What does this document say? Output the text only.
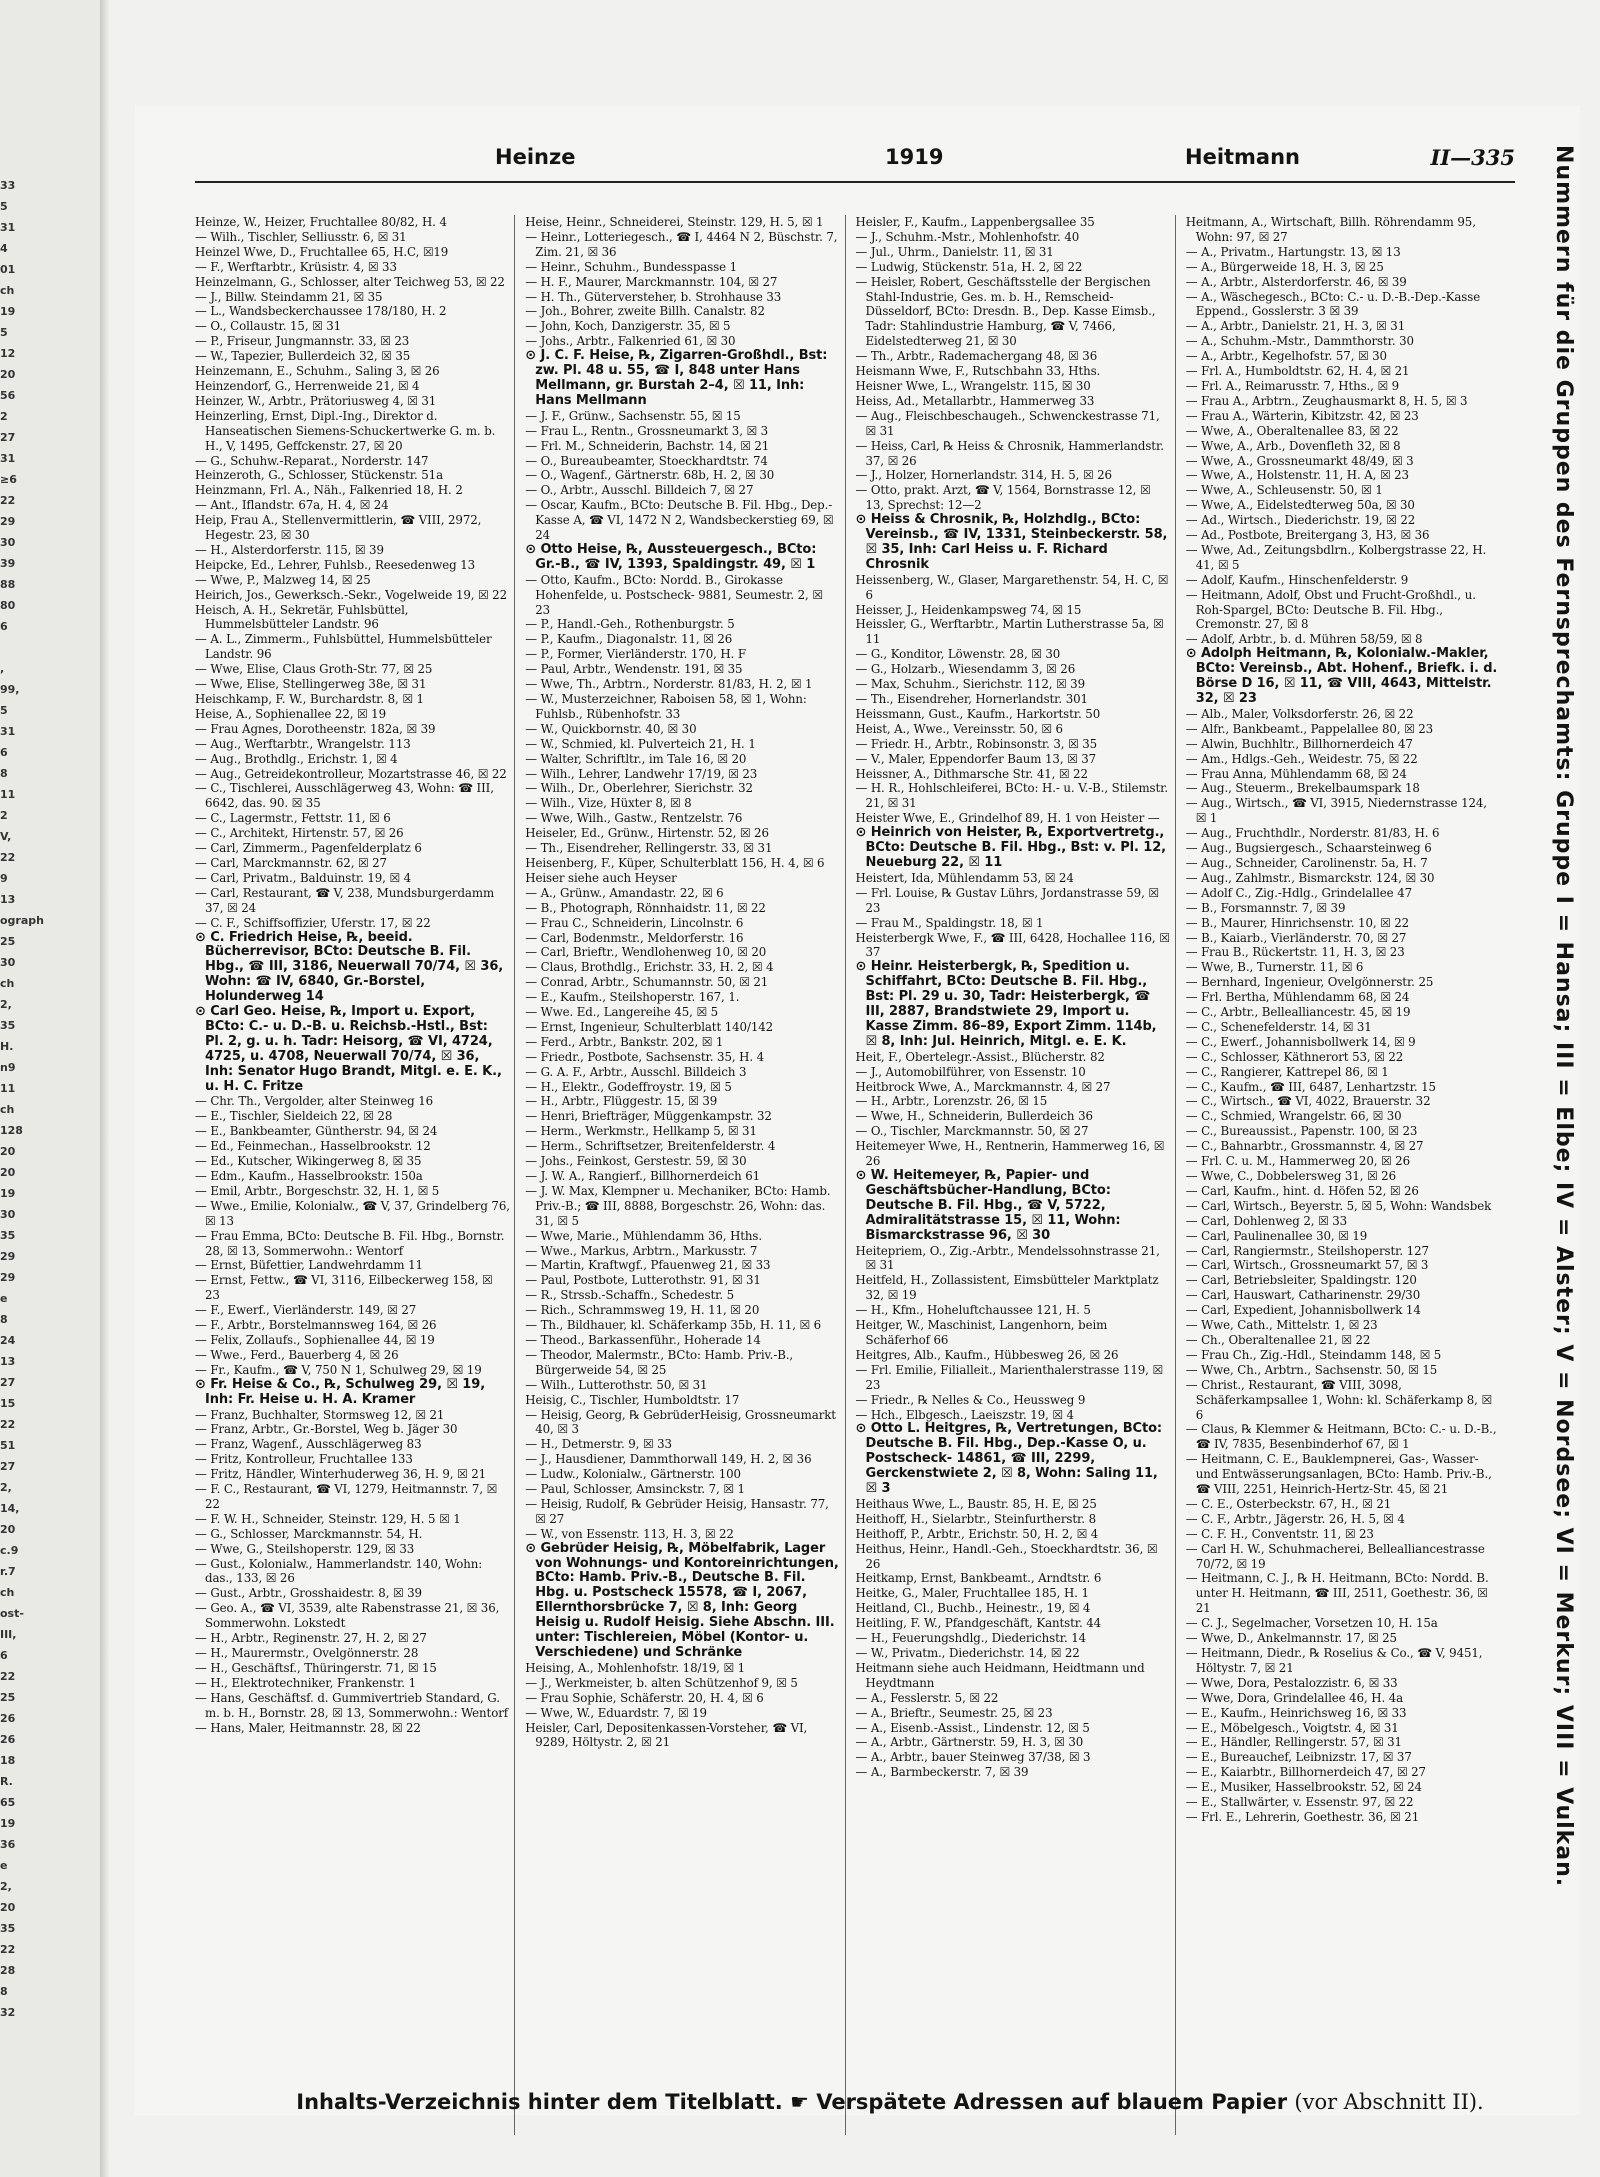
33
5
31
4
01
ch
19
5
12
20
56
2
27
31
≥6
22
29
30
39
88
80
6
,
99,
5
31
6
8
11
2
V,
22
9
13
ograph
25
30
ch
2,
35
H.
n9
11
ch
128
20
20
19
30
35
29
29
e
8
24
13
27
15
22
51
27
2,
14,
20
c.9
r.7
ch
ost-
III,
6
22
25
26
26
18
R.
65
19
36
e
2,
20
35
22
28
8
32
Heinze	1919	Heitmann	II—335

Heinze, W., Heizer, Fruchtallee 80/82, H. 4

— Wilh., Tischler, Selliusstr. 6, ☒ 31

Heinzel Wwe, D., Fruchtallee 65, H.C, ☒19

— F., Werftarbtr., Krüsistr. 4, ☒ 33

Heinzelmann, G., Schlosser, alter Teichweg 53, ☒ 22

— J., Billw. Steindamm 21, ☒ 35

— L., Wandsbeckerchaussee 178/180, H. 2

— O., Collaustr. 15, ☒ 31

— P., Friseur, Jungmannstr. 33, ☒ 23

— W., Tapezier, Bullerdeich 32, ☒ 35

Heinzemann, E., Schuhm., Saling 3, ☒ 26

Heinzendorf, G., Herrenweide 21, ☒ 4

Heinzer, W., Arbtr., Prätoriusweg 4, ☒ 31

Heinzerling, Ernst, Dipl.-Ing., Direktor d. Hanseatischen Siemens-Schuckertwerke G. m. b. H., V, 1495, Geffckenstr. 27, ☒ 20

— G., Schuhw.-Reparat., Norderstr. 147

Heinzeroth, G., Schlosser, Stückenstr. 51a

Heinzmann, Frl. A., Näh., Falkenried 18, H. 2

— Ant., Iflandstr. 67a, H. 4, ☒ 24

Heip, Frau A., Stellenvermittlerin, ☎ VIII, 2972, Hegestr. 23, ☒ 30

— H., Alsterdorferstr. 115, ☒ 39

Heipcke, Ed., Lehrer, Fuhlsb., Reesedenweg 13

— Wwe, P., Malzweg 14, ☒ 25

Heirich, Jos., Gewerksch.-Sekr., Vogelweide 19, ☒ 22

Heisch, A. H., Sekretär, Fuhlsbüttel, Hummelsbütteler Landstr. 96

— A. L., Zimmerm., Fuhlsbüttel, Hummelsbütteler Landstr. 96

— Wwe, Elise, Claus Groth-Str. 77, ☒ 25

— Wwe, Elise, Stellingerweg 38e, ☒ 31

Heischkamp, F. W., Burchardstr. 8, ☒ 1

Heise, A., Sophienallee 22, ☒ 19

— Frau Agnes, Dorotheenstr. 182a, ☒ 39

— Aug., Werftarbtr., Wrangelstr. 113

— Aug., Brothdlg., Erichstr. 1, ☒ 4

— Aug., Getreidekontrolleur, Mozartstrasse 46, ☒ 22

— C., Tischlerei, Ausschlägerweg 43, Wohn: ☎ III, 6642, das. 90. ☒ 35

— C., Lagermstr., Fettstr. 11, ☒ 6

— C., Architekt, Hirtenstr. 57, ☒ 26

— Carl, Zimmerm., Pagenfelderplatz 6

— Carl, Marckmannstr. 62, ☒ 27

— Carl, Privatm., Balduinstr. 19, ☒ 4

— Carl, Restaurant, ☎ V, 238, Mundsburgerdamm 37, ☒ 24

— C. F., Schiffsoffizier, Uferstr. 17, ☒ 22

⊙ C. Friedrich Heise, ℞, beeid. Bücherrevisor, BCto: Deutsche B. Fil. Hbg., ☎ III, 3186, Neuerwall 70/74, ☒ 36, Wohn: ☎ IV, 6840, Gr.-Borstel, Holunderweg 14

⊙ Carl Geo. Heise, ℞, Import u. Export, BCto: C.- u. D.-B. u. Reichsb.-Hstl., Bst: Pl. 2, g. u. h. Tadr: Heisorg, ☎ VI, 4724, 4725, u. 4708, Neuerwall 70/74, ☒ 36, Inh: Senator Hugo Brandt, Mitgl. e. E. K., u. H. C. Fritze

— Chr. Th., Vergolder, alter Steinweg 16

— E., Tischler, Sieldeich 22, ☒ 28

— E., Bankbeamter, Güntherstr. 94, ☒ 24

— Ed., Feinmechan., Hasselbrookstr. 12

— Ed., Kutscher, Wikingerweg 8, ☒ 35

— Edm., Kaufm., Hasselbrookstr. 150a

— Emil, Arbtr., Borgeschstr. 32, H. 1, ☒ 5

— Wwe., Emilie, Kolonialw., ☎ V, 37, Grindelberg 76, ☒ 13

— Frau Emma, BCto: Deutsche B. Fil. Hbg., Bornstr. 28, ☒ 13, Sommerwohn.: Wentorf

— Ernst, Büfettier, Landwehrdamm 11

— Ernst, Fettw., ☎ VI, 3116, Eilbeckerweg 158, ☒ 23

— F., Ewerf., Vierländerstr. 149, ☒ 27

— F., Arbtr., Borstelmannsweg 164, ☒ 26

— Felix, Zollaufs., Sophienallee 44, ☒ 19

— Wwe., Ferd., Bauerberg 4, ☒ 26

— Fr., Kaufm., ☎ V, 750 N 1, Schulweg 29, ☒ 19

⊙ Fr. Heise & Co., ℞, Schulweg 29, ☒ 19, Inh: Fr. Heise u. H. A. Kramer

— Franz, Buchhalter, Stormsweg 12, ☒ 21

— Franz, Arbtr., Gr.-Borstel, Weg b. Jäger 30

— Franz, Wagenf., Ausschlägerweg 83

— Fritz, Kontrolleur, Fruchtallee 133

— Fritz, Händler, Winterhuderweg 36, H. 9, ☒ 21

— F. C., Restaurant, ☎ VI, 1279, Heitmannstr. 7, ☒ 22

— F. W. H., Schneider, Steinstr. 129, H. 5 ☒ 1

— G., Schlosser, Marckmannstr. 54, H.

— Wwe, G., Steilshoperstr. 129, ☒ 33

— Gust., Kolonialw., Hammerlandstr. 140, Wohn: das., 133, ☒ 26

— Gust., Arbtr., Grosshaidestr. 8, ☒ 39

— Geo. A., ☎ VI, 3539, alte Rabenstrasse 21, ☒ 36, Sommerwohn. Lokstedt

— H., Arbtr., Reginenstr. 27, H. 2, ☒ 27

— H., Maurermstr., Ovelgönnerstr. 28

— H., Geschäftsf., Thüringerstr. 71, ☒ 15

— H., Elektrotechniker, Frankenstr. 1

— Hans, Geschäftsf. d. Gummivertrieb Standard, G. m. b. H., Bornstr. 28, ☒ 13, Sommerwohn.: Wentorf

— Hans, Maler, Heitmannstr. 28, ☒ 22

Heise, Heinr., Schneiderei, Steinstr. 129, H. 5, ☒ 1

— Heinr., Lotteriegesch., ☎ I, 4464 N 2, Büschstr. 7, Zim. 21, ☒ 36

— Heinr., Schuhm., Bundesspasse 1

— H. F., Maurer, Marckmannstr. 104, ☒ 27

— H. Th., Güterversteher, b. Strohhause 33

— Joh., Bohrer, zweite Billh. Canalstr. 82

— John, Koch, Danzigerstr. 35, ☒ 5

— Johs., Arbtr., Falkenried 61, ☒ 30

⊙ J. C. F. Heise, ℞, Zigarren-Großhdl., Bst: zw. Pl. 48 u. 55, ☎ I, 848 unter Hans Mellmann, gr. Burstah 2–4, ☒ 11, Inh: Hans Mellmann

— J. F., Grünw., Sachsenstr. 55, ☒ 15

— Frau L., Rentn., Grossneumarkt 3, ☒ 3

— Frl. M., Schneiderin, Bachstr. 14, ☒ 21

— O., Bureaubeamter, Stoeckhardtstr. 74

— O., Wagenf., Gärtnerstr. 68b, H. 2, ☒ 30

— O., Arbtr., Ausschl. Billdeich 7, ☒ 27

— Oscar, Kaufm., BCto: Deutsche B. Fil. Hbg., Dep.-Kasse A, ☎ VI, 1472 N 2, Wandsbeckerstieg 69, ☒ 24

⊙ Otto Heise, ℞, Aussteuergesch., BCto: Gr.-B., ☎ IV, 1393, Spaldingstr. 49, ☒ 1

— Otto, Kaufm., BCto: Nordd. B., Girokasse Hohenfelde, u. Postscheck- 9881, Seumestr. 2, ☒ 23

— P., Handl.-Geh., Rothenburgstr. 5

— P., Kaufm., Diagonalstr. 11, ☒ 26

— P., Former, Vierländerstr. 170, H. F

— Paul, Arbtr., Wendenstr. 191, ☒ 35

— Wwe, Th., Arbtrn., Norderstr. 81/83, H. 2, ☒ 1

— W., Musterzeichner, Raboisen 58, ☒ 1, Wohn: Fuhlsb., Rübenhofstr. 33

— W., Quickbornstr. 40, ☒ 30

— W., Schmied, kl. Pulverteich 21, H. 1

— Walter, Schriftltr., im Tale 16, ☒ 20

— Wilh., Lehrer, Landwehr 17/19, ☒ 23

— Wilh., Dr., Oberlehrer, Sierichstr. 32

— Wilh., Vize, Hüxter 8, ☒ 8

— Wwe, Wilh., Gastw., Rentzelstr. 76

Heiseler, Ed., Grünw., Hirtenstr. 52, ☒ 26

— Th., Eisendreher, Rellingerstr. 33, ☒ 31

Heisenberg, F., Küper, Schulterblatt 156, H. 4, ☒ 6

Heiser siehe auch Heyser

— A., Grünw., Amandastr. 22, ☒ 6

— B., Photograph, Rönnhaidstr. 11, ☒ 22

— Frau C., Schneiderin, Lincolnstr. 6

— Carl, Bodenmstr., Meldorferstr. 16

— Carl, Brieftr., Wendlohenweg 10, ☒ 20

— Claus, Brothdlg., Erichstr. 33, H. 2, ☒ 4

— Conrad, Arbtr., Schumannstr. 50, ☒ 21

— E., Kaufm., Steilshoperstr. 167, 1.

— Wwe. Ed., Langereihe 45, ☒ 5

— Ernst, Ingenieur, Schulterblatt 140/142

— Ferd., Arbtr., Bankstr. 202, ☒ 1

— Friedr., Postbote, Sachsenstr. 35, H. 4

— G. A. F., Arbtr., Ausschl. Billdeich 3

— H., Elektr., Godeffroystr. 19, ☒ 5

— H., Arbtr., Flüggestr. 15, ☒ 39

— Henri, Briefträger, Müggenkampstr. 32

— Herm., Werkmstr., Hellkamp 5, ☒ 31

— Herm., Schriftsetzer, Breitenfelderstr. 4

— Johs., Feinkost, Gerstestr. 59, ☒ 30

— J. W. A., Rangierf., Billhornerdeich 61

— J. W. Max, Klempner u. Mechaniker, BCto: Hamb. Priv.-B.; ☎ III, 8888, Borgeschstr. 26, Wohn: das. 31, ☒ 5

— Wwe, Marie., Mühlendamm 36, Hths.

— Wwe., Markus, Arbtrn., Markusstr. 7

— Martin, Kraftwgf., Pfauenweg 21, ☒ 33

— Paul, Postbote, Lutterothstr. 91, ☒ 31

— R., Strssb.-Schaffn., Schedestr. 5

— Rich., Schrammsweg 19, H. 11, ☒ 20

— Th., Bildhauer, kl. Schäferkamp 35b, H. 11, ☒ 6

— Theod., Barkassenführ., Hoherade 14

— Theodor, Malermstr., BCto: Hamb. Priv.-B., Bürgerweide 54, ☒ 25

— Wilh., Lutterothstr. 50, ☒ 31

Heisig, C., Tischler, Humboldtstr. 17

— Heisig, Georg, ℞ GebrüderHeisig, Grossneumarkt 40, ☒ 3

— H., Detmerstr. 9, ☒ 33

— J., Hausdiener, Dammthorwall 149, H. 2, ☒ 36

— Ludw., Kolonialw., Gärtnerstr. 100

— Paul, Schlosser, Amsinckstr. 7, ☒ 1

— Heisig, Rudolf, ℞ Gebrüder Heisig, Hansastr. 77, ☒ 27

— W., von Essenstr. 113, H. 3, ☒ 22

⊙ Gebrüder Heisig, ℞, Möbelfabrik, Lager von Wohnungs- und Kontoreinrichtungen, BCto: Hamb. Priv.-B., Deutsche B. Fil. Hbg. u. Postscheck 15578, ☎ I, 2067, Ellernthorsbrücke 7, ☒ 8, Inh: Georg Heisig u. Rudolf Heisig. Siehe Abschn. III. unter: Tischlereien, Möbel (Kontor- u. Verschiedene) und Schränke

Heising, A., Mohlenhofstr. 18/19, ☒ 1

— J., Werkmeister, b. alten Schützenhof 9, ☒ 5

— Frau Sophie, Schäferstr. 20, H. 4, ☒ 6

— Wwe, W., Eduardstr. 7, ☒ 19

Heisler, Carl, Depositenkassen-Vorsteher, ☎ VI, 9289, Höltystr. 2, ☒ 21

Heisler, F., Kaufm., Lappenbergsallee 35

— J., Schuhm.-Mstr., Mohlenhofstr. 40

— Jul., Uhrm., Danielstr. 11, ☒ 31

— Ludwig, Stückenstr. 51a, H. 2, ☒ 22

— Heisler, Robert, Geschäftsstelle der Bergischen Stahl-Industrie, Ges. m. b. H., Remscheid-Düsseldorf, BCto: Dresdn. B., Dep. Kasse Eimsb., Tadr: Stahlindustrie Hamburg, ☎ V, 7466, Eidelstedterweg 21, ☒ 30

— Th., Arbtr., Rademachergang 48, ☒ 36

Heismann Wwe, F., Rutschbahn 33, Hths.

Heisner Wwe, L., Wrangelstr. 115, ☒ 30

Heiss, Ad., Metallarbtr., Hammerweg 33

— Aug., Fleischbeschaugeh., Schwenckestrasse 71, ☒ 31

— Heiss, Carl, ℞ Heiss & Chrosnik, Hammerlandstr. 37, ☒ 26

— J., Holzer, Hornerlandstr. 314, H. 5, ☒ 26

— Otto, prakt. Arzt, ☎ V, 1564, Bornstrasse 12, ☒ 13, Sprechst: 12—2

⊙ Heiss & Chrosnik, ℞, Holzhdlg., BCto: Vereinsb., ☎ IV, 1331, Steinbeckerstr. 58, ☒ 35, Inh: Carl Heiss u. F. Richard Chrosnik

Heissenberg, W., Glaser, Margarethenstr. 54, H. C, ☒ 6

Heisser, J., Heidenkampsweg 74, ☒ 15

Heissler, G., Werftarbtr., Martin Lutherstrasse 5a, ☒ 11

— G., Konditor, Löwenstr. 28, ☒ 30

— G., Holzarb., Wiesendamm 3, ☒ 26

— Max, Schuhm., Sierichstr. 112, ☒ 39

— Th., Eisendreher, Hornerlandstr. 301

Heissmann, Gust., Kaufm., Harkortstr. 50

Heist, A., Wwe., Vereinsstr. 50, ☒ 6

— Friedr. H., Arbtr., Robinsonstr. 3, ☒ 35

— V., Maler, Eppendorfer Baum 13, ☒ 37

Heissner, A., Dithmarsche Str. 41, ☒ 22

— H. R., Hohlschleiferei, BCto: H.- u. V.-B., Stilemstr. 21, ☒ 31

Heister Wwe, E., Grindelhof 89, H. 1 von Heister —

⊙ Heinrich von Heister, ℞, Exportvertretg., BCto: Deutsche B. Fil. Hbg., Bst: v. Pl. 12, Neueburg 22, ☒ 11

Heistert, Ida, Mühlendamm 53, ☒ 24

— Frl. Louise, ℞ Gustav Lührs, Jordanstrasse 59, ☒ 23

— Frau M., Spaldingstr. 18, ☒ 1

Heisterbergk Wwe, F., ☎ III, 6428, Hochallee 116, ☒ 37

⊙ Heinr. Heisterbergk, ℞, Spedition u. Schiffahrt, BCto: Deutsche B. Fil. Hbg., Bst: Pl. 29 u. 30, Tadr: Heisterbergk, ☎ III, 2887, Brandstwiete 29, Import u. Kasse Zimm. 86–89, Export Zimm. 114b, ☒ 8, Inh: Jul. Heinrich, Mitgl. e. E. K.

Heit, F., Obertelegr.-Assist., Blücherstr. 82

— J., Automobilführer, von Essenstr. 10

Heitbrock Wwe, A., Marckmannstr. 4, ☒ 27

— H., Arbtr., Lorenzstr. 26, ☒ 15

— Wwe, H., Schneiderin, Bullerdeich 36

— O., Tischler, Marckmannstr. 50, ☒ 27

Heitemeyer Wwe, H., Rentnerin, Hammerweg 16, ☒ 26

⊙ W. Heitemeyer, ℞, Papier- und Geschäftsbücher-Handlung, BCto: Deutsche B. Fil. Hbg., ☎ V, 5722, Admiralitätstrasse 15, ☒ 11, Wohn: Bismarckstrasse 96, ☒ 30

Heitepriem, O., Zig.-Arbtr., Mendelssohnstrasse 21, ☒ 31

Heitfeld, H., Zollassistent, Eimsbütteler Marktplatz 32, ☒ 19

— H., Kfm., Hoheluftchaussee 121, H. 5

Heitger, W., Maschinist, Langenhorn, beim Schäferhof 66

Heitgres, Alb., Kaufm., Hübbesweg 26, ☒ 26

— Frl. Emilie, Filialleit., Marienthalerstrasse 119, ☒ 23

— Friedr., ℞ Nelles & Co., Heussweg 9

— Hch., Elbgesch., Laeiszstr. 19, ☒ 4

⊙ Otto L. Heitgres, ℞, Vertretungen, BCto: Deutsche B. Fil. Hbg., Dep.-Kasse O, u. Postscheck- 14861, ☎ III, 2299, Gerckenstwiete 2, ☒ 8, Wohn: Saling 11, ☒ 3

Heithaus Wwe, L., Baustr. 85, H. E, ☒ 25

Heithoff, H., Sielarbtr., Steinfurtherstr. 8

Heithoff, P., Arbtr., Erichstr. 50, H. 2, ☒ 4

Heithus, Heinr., Handl.-Geh., Stoeckhardtstr. 36, ☒ 26

Heitkamp, Ernst, Bankbeamt., Arndtstr. 6

Heitke, G., Maler, Fruchtallee 185, H. 1

Heitland, Cl., Buchb., Heinestr., 19, ☒ 4

Heitling, F. W., Pfandgeschäft, Kantstr. 44

— H., Feuerungshdlg., Diederichstr. 14

— W., Privatm., Diederichstr. 14, ☒ 22

Heitmann siehe auch Heidmann, Heidtmann und Heydtmann

— A., Fesslerstr. 5, ☒ 22

— A., Brieftr., Seumestr. 25, ☒ 23

— A., Eisenb.-Assist., Lindenstr. 12, ☒ 5

— A., Arbtr., Gärtnerstr. 59, H. 3, ☒ 30

— A., Arbtr., bauer Steinweg 37/38, ☒ 3

— A., Barmbeckerstr. 7, ☒ 39

Heitmann, A., Wirtschaft, Billh. Röhrendamm 95, Wohn: 97, ☒ 27

— A., Privatm., Hartungstr. 13, ☒ 13

— A., Bürgerweide 18, H. 3, ☒ 25

— A., Arbtr., Alsterdorferstr. 46, ☒ 39

— A., Wäschegesch., BCto: C.- u. D.-B.-Dep.-Kasse Eppend., Gosslerstr. 3 ☒ 39

— A., Arbtr., Danielstr. 21, H. 3, ☒ 31

— A., Schuhm.-Mstr., Dammthorstr. 30

— A., Arbtr., Kegelhofstr. 57, ☒ 30

— Frl. A., Humboldtstr. 62, H. 4, ☒ 21

— Frl. A., Reimarusstr. 7, Hths., ☒ 9

— Frau A., Arbtrn., Zeughausmarkt 8, H. 5, ☒ 3

— Frau A., Wärterin, Kibitzstr. 42, ☒ 23

— Wwe, A., Oberaltenallee 83, ☒ 22

— Wwe, A., Arb., Dovenfleth 32, ☒ 8

— Wwe, A., Grossneumarkt 48/49, ☒ 3

— Wwe, A., Holstenstr. 11, H. A, ☒ 23

— Wwe, A., Schleusenstr. 50, ☒ 1

— Wwe, A., Eidelstedterweg 50a, ☒ 30

— Ad., Wirtsch., Diederichstr. 19, ☒ 22

— Ad., Postbote, Breitergang 3, H3, ☒ 36

— Wwe, Ad., Zeitungsbdlrn., Kolbergstrasse 22, H. 41, ☒ 5

— Adolf, Kaufm., Hinschenfelderstr. 9

— Heitmann, Adolf, Obst und Frucht-Großhdl., u. Roh-Spargel, BCto: Deutsche B. Fil. Hbg., Cremonstr. 27, ☒ 8

— Adolf, Arbtr., b. d. Mühren 58/59, ☒ 8

⊙ Adolph Heitmann, ℞, Kolonialw.-Makler, BCto: Vereinsb., Abt. Hohenf., Briefk. i. d. Börse D 16, ☒ 11, ☎ VIII, 4643, Mittelstr. 32, ☒ 23

— Alb., Maler, Volksdorferstr. 26, ☒ 22

— Alfr., Bankbeamt., Pappelallee 80, ☒ 23

— Alwin, Buchhltr., Billhornerdeich 47

— Am., Hdlgs.-Geh., Weidestr. 75, ☒ 22

— Frau Anna, Mühlendamm 68, ☒ 24

— Aug., Steuerm., Brekelbaumspark 18

— Aug., Wirtsch., ☎ VI, 3915, Niedernstrasse 124, ☒ 1

— Aug., Fruchthdlr., Norderstr. 81/83, H. 6

— Aug., Bugsiergesch., Schaarsteinweg 6

— Aug., Schneider, Carolinenstr. 5a, H. 7

— Aug., Zahlmstr., Bismarckstr. 124, ☒ 30

— Adolf C., Zig.-Hdlg., Grindelallee 47

— B., Forsmannstr. 7, ☒ 39

— B., Maurer, Hinrichsenstr. 10, ☒ 22

— B., Kaiarb., Vierländerstr. 70, ☒ 27

— Frau B., Rückertstr. 11, H. 3, ☒ 23

— Wwe, B., Turnerstr. 11, ☒ 6

— Bernhard, Ingenieur, Ovelgönnerstr. 25

— Frl. Bertha, Mühlendamm 68, ☒ 24

— C., Arbtr., Bellealliancestr. 45, ☒ 19

— C., Schenefelderstr. 14, ☒ 31

— C., Ewerf., Johannisbollwerk 14, ☒ 9

— C., Schlosser, Käthnerort 53, ☒ 22

— C., Rangierer, Kattrepel 86, ☒ 1

— C., Kaufm., ☎ III, 6487, Lenhartzstr. 15

— C., Wirtsch., ☎ VI, 4022, Brauerstr. 32

— C., Schmied, Wrangelstr. 66, ☒ 30

— C., Bureaussist., Papenstr. 100, ☒ 23

— C., Bahnarbtr., Grossmannstr. 4, ☒ 27

— Frl. C. u. M., Hammerweg 20, ☒ 26

— Wwe, C., Dobbelersweg 31, ☒ 26

— Carl, Kaufm., hint. d. Höfen 52, ☒ 26

— Carl, Wirtsch., Beyerstr. 5, ☒ 5, Wohn: Wandsbek

— Carl, Dohlenweg 2, ☒ 33

— Carl, Paulinenallee 30, ☒ 19

— Carl, Rangiermstr., Steilshoperstr. 127

— Carl, Wirtsch., Grossneumarkt 57, ☒ 3

— Carl, Betriebsleiter, Spaldingstr. 120

— Carl, Hauswart, Catharinenstr. 29/30

— Carl, Expedient, Johannisbollwerk 14

— Wwe, Cath., Mittelstr. 1, ☒ 23

— Ch., Oberaltenallee 21, ☒ 22

— Frau Ch., Zig.-Hdl., Steindamm 148, ☒ 5

— Wwe, Ch., Arbtrn., Sachsenstr. 50, ☒ 15

— Christ., Restaurant, ☎ VIII, 3098, Schäferkampsallee 1, Wohn: kl. Schäferkamp 8, ☒ 6

— Claus, ℞ Klemmer & Heitmann, BCto: C.- u. D.-B., ☎ IV, 7835, Besenbinderhof 67, ☒ 1

— Heitmann, C. E., Bauklempnerei, Gas-, Wasser- und Entwässerungsanlagen, BCto: Hamb. Priv.-B., ☎ VIII, 2251, Heinrich-Hertz-Str. 45, ☒ 21

— C. E., Osterbeckstr. 67, H., ☒ 21

— C. F., Arbtr., Jägerstr. 26, H. 5, ☒ 4

— C. F. H., Conventstr. 11, ☒ 23

— Carl H. W., Schuhmacherei, Bellealliancestrasse 70/72, ☒ 19

— Heitmann, C. J., ℞ H. Heitmann, BCto: Nordd. B. unter H. Heitmann, ☎ III, 2511, Goethestr. 36, ☒ 21

— C. J., Segelmacher, Vorsetzen 10, H. 15a

— Wwe, D., Ankelmannstr. 17, ☒ 25

— Heitmann, Diedr., ℞ Roselius & Co., ☎ V, 9451, Höltystr. 7, ☒ 21

— Wwe, Dora, Pestalozzistr. 6, ☒ 33

— Wwe, Dora, Grindelallee 46, H. 4a

— E., Kaufm., Heinrichsweg 16, ☒ 33

— E., Möbelgesch., Voigtstr. 4, ☒ 31

— E., Händler, Rellingerstr. 57, ☒ 31

— E., Bureauchef, Leibnizstr. 17, ☒ 37

— E., Kaiarbtr., Billhornerdeich 47, ☒ 27

— E., Musiker, Hasselbrookstr. 52, ☒ 24

— E., Stallwärter, v. Essenstr. 97, ☒ 22

— Frl. E., Lehrerin, Goethestr. 36, ☒ 21	Nummern für die Gruppen des Fernsprechamts: Gruppe I = Hansa; III = Elbe; IV = Alster; V = Nordsee; VI = Merkur; VIII = Vulkan.
Inhalts-Verzeichnis hinter dem Titelblatt. ☛ Verspätete Adressen auf blauem Papier (vor Abschnitt II).
